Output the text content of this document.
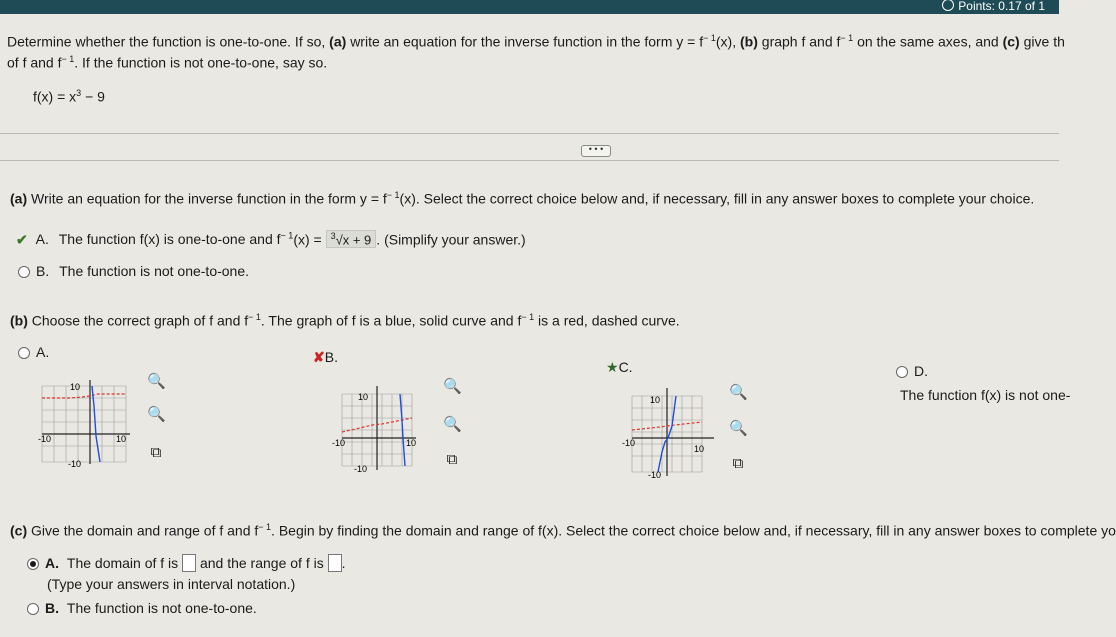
Points: 0.17 of 1
Determine whether the function is one-to-one. If so, (a) write an equation for the inverse function in the form $y = f^{- 1}(x)$, (b) graph f and $f^{- 1}$ on the same axes, and (c) give th
of f and $f^{- 1}$. If the function is not one-to-one, say so.
$f(x) = x^3 - 9$
• • •
(a) Write an equation for the inverse function in the form $y = f^{- 1}(x)$. Select the correct choice below and, if necessary, fill in any answer boxes to complete your choice.
✔ A. The function f(x) is one-to-one and $f^{- 1}(x) = ^3√x + 9$ . (Simplify your answer.)
B. The function is not one-to-one.
(b) Choose the correct graph of f and $f^{- 1}$. The graph of f is a blue, solid curve and $f^{- 1}$ is a red, dashed curve.
A.
10
-10
-10	10
🔍
🔍
⧉
✘B.
10
-10
-10	10
🔍
🔍
⧉
★C.
10
-10
-10
10
🔍
🔍
⧉
D.
The function f(x) is not one-
(c) Give the domain and range of f and $f^{- 1}$. Begin by finding the domain and range of f(x). Select the correct choice below and, if necessary, fill in any answer boxes to complete yo
A. The domain of f is and the range of f is .
(Type your answers in interval notation.)
B. The function is not one-to-one.
